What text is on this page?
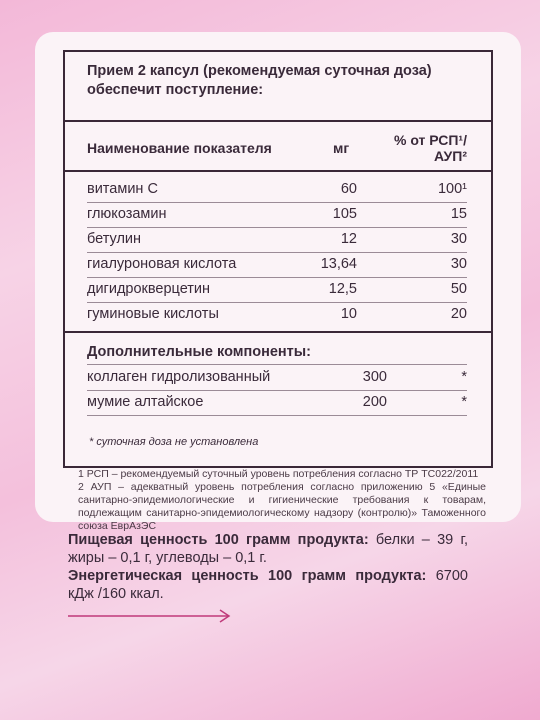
Прием 2 капсул (рекомендуемая суточная доза) обеспечит поступление:
Наименование показателя	мг	% от РСП¹/
АУП²
витамин С	60	100¹
глюкозамин	105	15
бетулин	12	30
гиалуроновая кислота	13,64	30
дигидрокверцетин	12,5	50
гуминовые кислоты	10	20
Дополнительные компоненты:
коллаген гидролизованный	300	*
мумие алтайское	200	*
* суточная доза не установлена
1 РСП – рекомендуемый суточный уровень потребления согласно ТР ТС022/2011
2 АУП – адекватный уровень потребления согласно приложению 5 «Единые санитарно-эпидемиологические и гигиенические требования к товарам, подлежащим санитарно-эпидемиологическому надзору (контролю)» Таможенного союза ЕврАзЭС
Пищевая ценность 100 грамм продукта: белки – 39 г, жиры – 0,1 г, углеводы – 0,1 г.
Энергетическая ценность 100 грамм продукта: 6700 кДж /160 ккал.
